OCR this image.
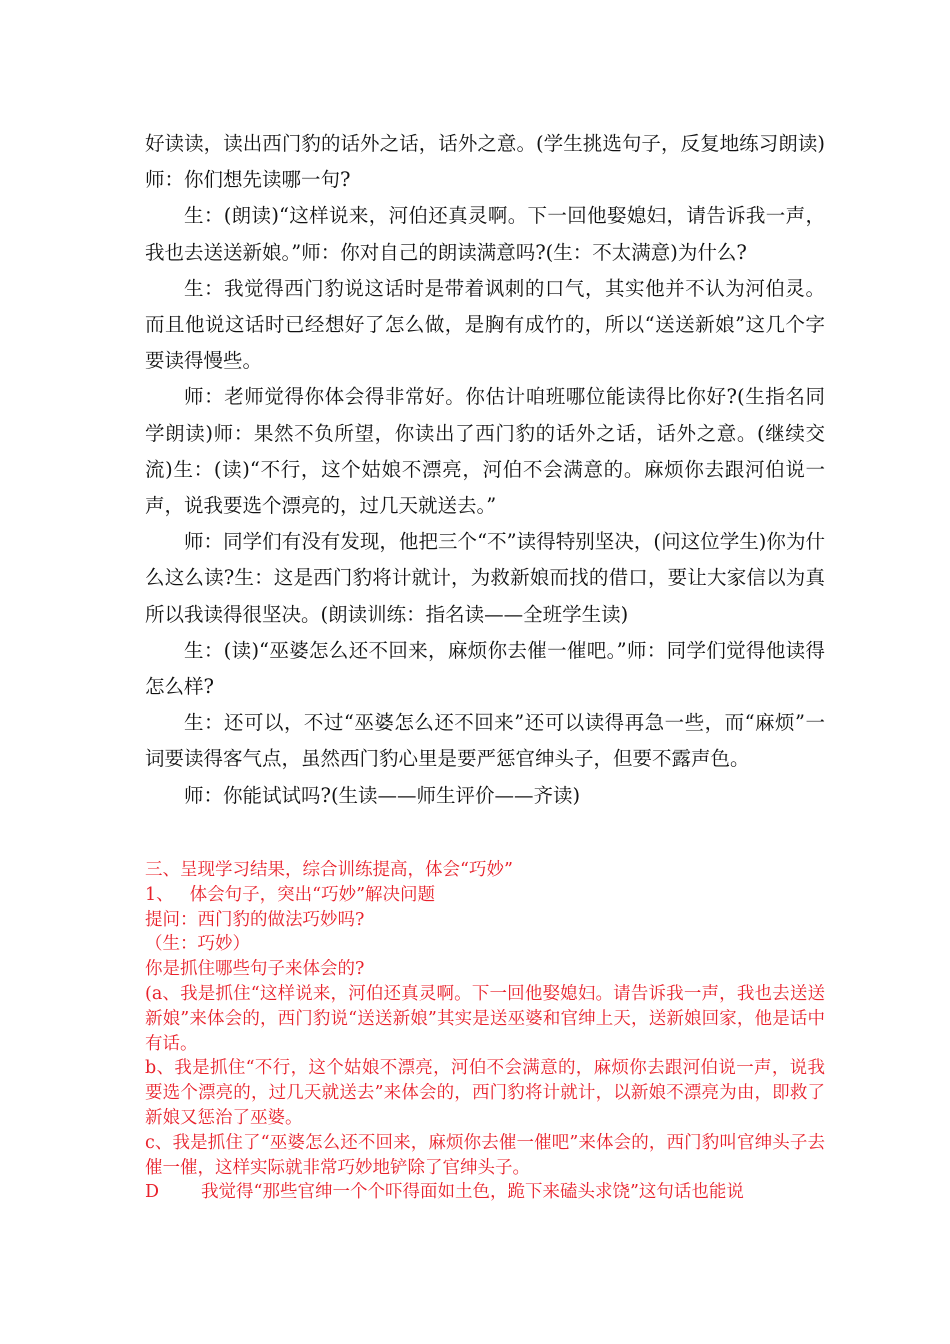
好读读，读出西门豹的话外之话，话外之意。(学生挑选句子，反复地练习朗读)师：你们想先读哪一句?

生：(朗读)“这样说来，河伯还真灵啊。下一回他娶媳妇，请告诉我一声，我也去送送新娘。”师：你对自己的朗读满意吗?(生：不太满意)为什么?

生：我觉得西门豹说这话时是带着讽刺的口气，其实他并不认为河伯灵。而且他说这话时已经想好了怎么做，是胸有成竹的，所以“送送新娘”这几个字要读得慢些。

师：老师觉得你体会得非常好。你估计咱班哪位能读得比你好?(生指名同学朗读)师：果然不负所望，你读出了西门豹的话外之话，话外之意。(继续交流)生：(读)“不行，这个姑娘不漂亮，河伯不会满意的。麻烦你去跟河伯说一声，说我要选个漂亮的，过几天就送去。”

师：同学们有没有发现，他把三个“不”读得特别坚决，(问这位学生)你为什么这么读?生：这是西门豹将计就计，为救新娘而找的借口，要让大家信以为真所以我读得很坚决。(朗读训练：指名读——全班学生读)

生：(读)“巫婆怎么还不回来，麻烦你去催一催吧。”师：同学们觉得他读得怎么样?

生：还可以，不过“巫婆怎么还不回来”还可以读得再急一些，而“麻烦”一词要读得客气点，虽然西门豹心里是要严惩官绅头子，但要不露声色。

师：你能试试吗?(生读——师生评价——齐读)

三、呈现学习结果，综合训练提高，体会“巧妙”

1、 体会句子，突出“巧妙”解决问题

提问：西门豹的做法巧妙吗?

（生：巧妙）

你是抓住哪些句子来体会的?

(a、我是抓住“这样说来，河伯还真灵啊。下一回他娶媳妇。请告诉我一声，我也去送送新娘”来体会的，西门豹说“送送新娘”其实是送巫婆和官绅上天，送新娘回家，他是话中有话。

b、我是抓住“不行，这个姑娘不漂亮，河伯不会满意的，麻烦你去跟河伯说一声，说我要选个漂亮的，过几天就送去”来体会的，西门豹将计就计，以新娘不漂亮为由，即救了新娘又惩治了巫婆。

c、我是抓住了“巫婆怎么还不回来，麻烦你去催一催吧”来体会的，西门豹叫官绅头子去催一催，这样实际就非常巧妙地铲除了官绅头子。

D 我觉得“那些官绅一个个吓得面如土色，跪下来磕头求饶”这句话也能说
